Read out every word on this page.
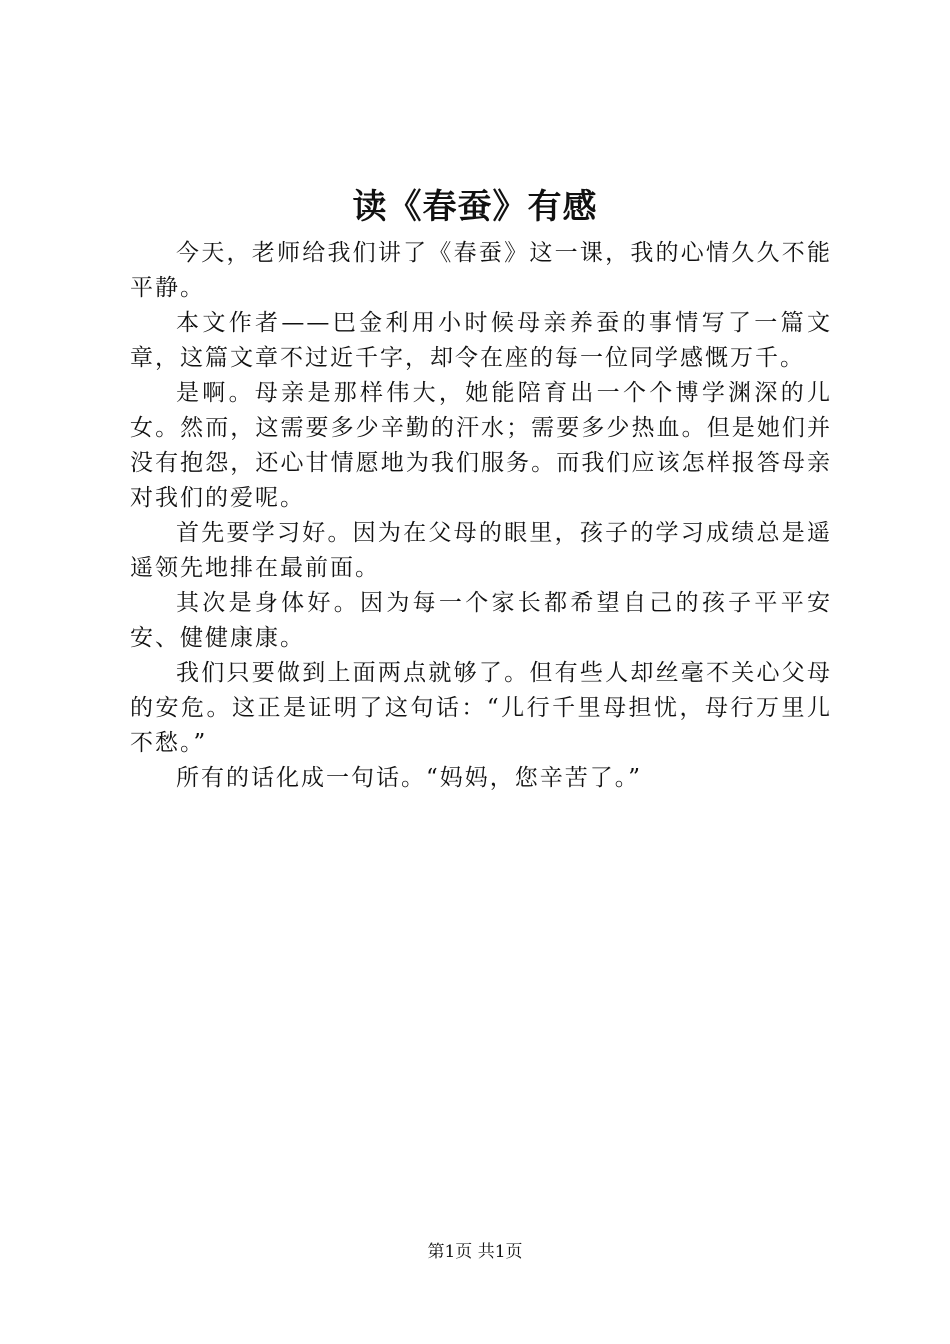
读《春蚕》有感

今天，老师给我们讲了《春蚕》这一课，我的心情久久不能平静。

本文作者——巴金利用小时候母亲养蚕的事情写了一篇文章，这篇文章不过近千字，却令在座的每一位同学感慨万千。

是啊。母亲是那样伟大，她能陪育出一个个博学渊深的儿女。然而，这需要多少辛勤的汗水；需要多少热血。但是她们并没有抱怨，还心甘情愿地为我们服务。而我们应该怎样报答母亲对我们的爱呢。

首先要学习好。因为在父母的眼里，孩子的学习成绩总是遥遥领先地排在最前面。

其次是身体好。因为每一个家长都希望自己的孩子平平安安、健健康康。

我们只要做到上面两点就够了。但有些人却丝毫不关心父母的安危。这正是证明了这句话：“儿行千里母担忧，母行万里儿不愁。”

所有的话化成一句话。“妈妈，您辛苦了。”

第1页 共1页
